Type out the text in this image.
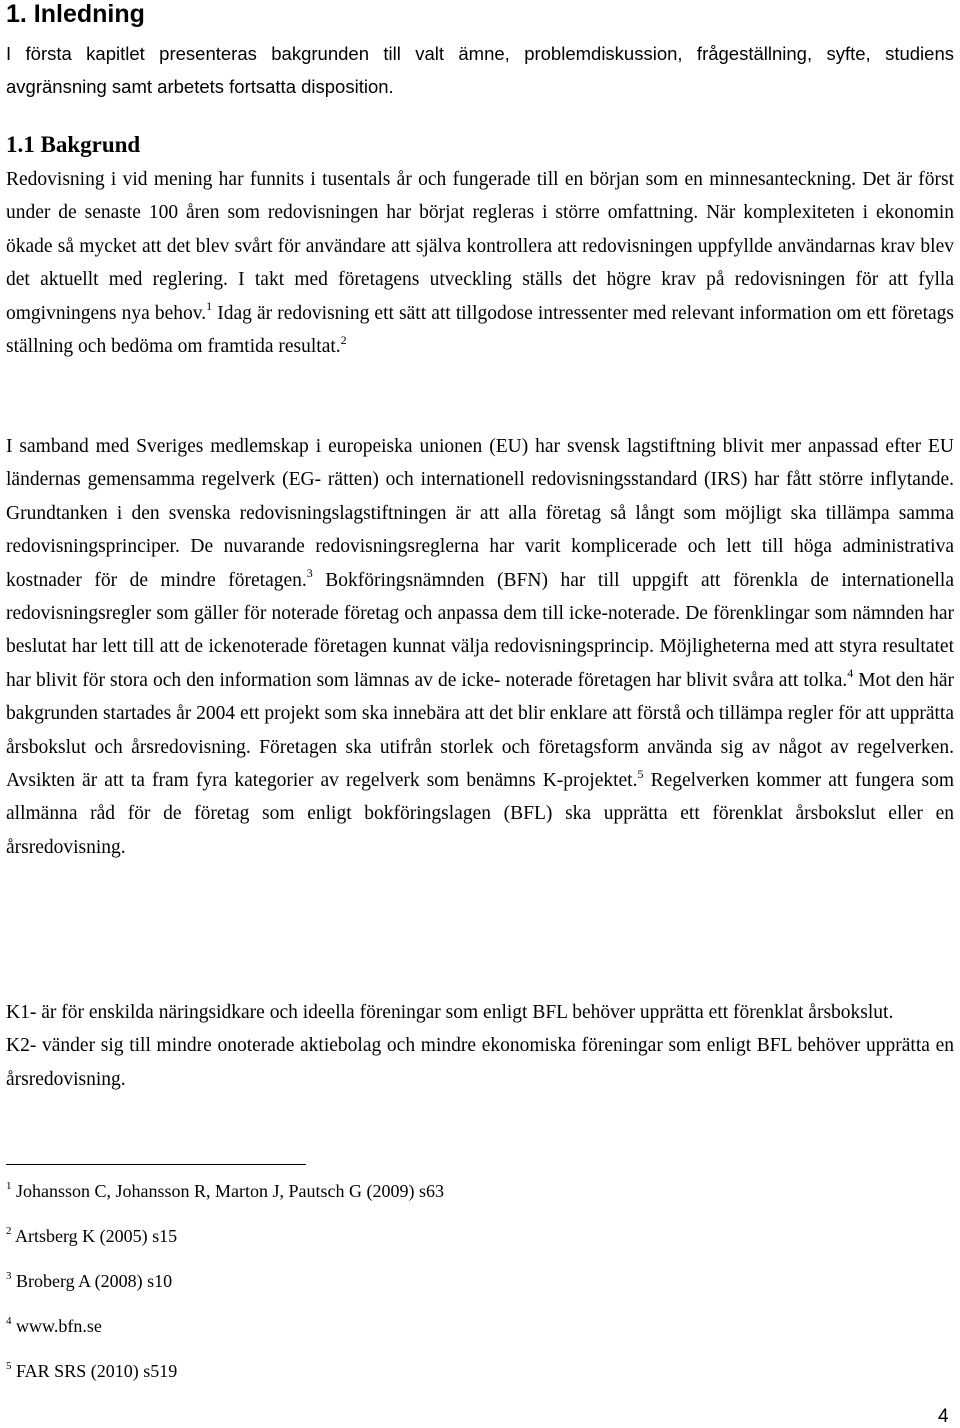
1. Inledning

I första kapitlet presenteras bakgrunden till valt ämne, problemdiskussion, frågeställning, syfte, studiens avgränsning samt arbetets fortsatta disposition.

1.1 Bakgrund

Redovisning i vid mening har funnits i tusentals år och fungerade till en början som en minnesanteckning. Det är först under de senaste 100 åren som redovisningen har börjat regleras i större omfattning. När komplexiteten i ekonomin ökade så mycket att det blev svårt för användare att själva kontrollera att redovisningen uppfyllde användarnas krav blev det aktuellt med reglering. I takt med företagens utveckling ställs det högre krav på redovisningen för att fylla omgivningens nya behov.$^1$ Idag är redovisning ett sätt att tillgodose intressenter med relevant information om ett företags ställning och bedöma om framtida resultat.$^2$

I samband med Sveriges medlemskap i europeiska unionen (EU) har svensk lagstiftning blivit mer anpassad efter EU ländernas gemensamma regelverk (EG- rätten) och internationell redovisningsstandard (IRS) har fått större inflytande. Grundtanken i den svenska redovisningslagstiftningen är att alla företag så långt som möjligt ska tillämpa samma redovisningsprinciper. De nuvarande redovisningsreglerna har varit komplicerade och lett till höga administrativa kostnader för de mindre företagen.$^3$ Bokföringsnämnden (BFN) har till uppgift att förenkla de internationella redovisningsregler som gäller för noterade företag och anpassa dem till icke-noterade. De förenklingar som nämnden har beslutat har lett till att de ickenoterade företagen kunnat välja redovisningsprincip. Möjligheterna med att styra resultatet har blivit för stora och den information som lämnas av de icke- noterade företagen har blivit svåra att tolka.$^4$ Mot den här bakgrunden startades år 2004 ett projekt som ska innebära att det blir enklare att förstå och tillämpa regler för att upprätta årsbokslut och årsredovisning. Företagen ska utifrån storlek och företagsform använda sig av något av regelverken. Avsikten är att ta fram fyra kategorier av regelverk som benämns K-projektet.$^5$ Regelverken kommer att fungera som allmänna råd för de företag som enligt bokföringslagen (BFL) ska upprätta ett förenklat årsbokslut eller en årsredovisning.

K1- är för enskilda näringsidkare och ideella föreningar som enligt BFL behöver upprätta ett förenklat årsbokslut.
K2- vänder sig till mindre onoterade aktiebolag och mindre ekonomiska föreningar som enligt BFL behöver upprätta en årsredovisning.
$^1$ Johansson C, Johansson R, Marton J, Pautsch G (2009) s63
$^2$ Artsberg K (2005) s15
$^3$ Broberg A (2008) s10
$^4$ www.bfn.se
$^5$ FAR SRS (2010) s519
4
